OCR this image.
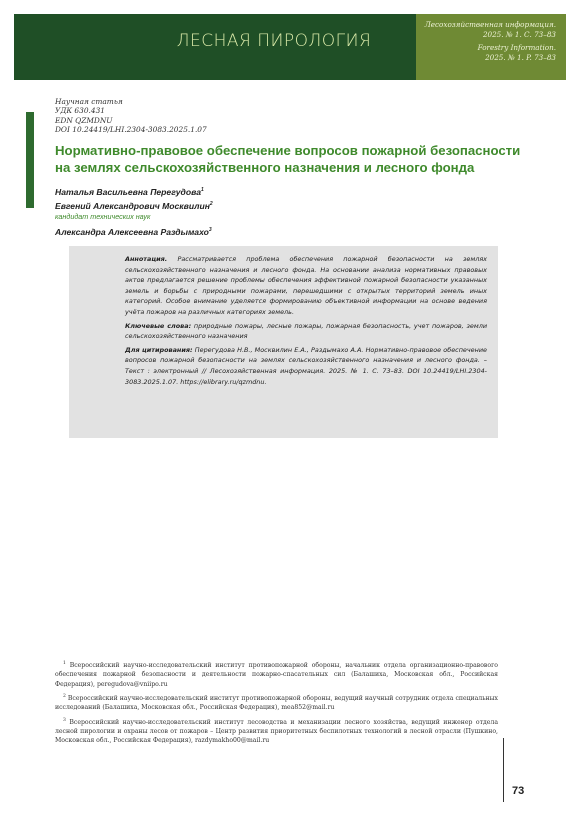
ЛЕСНАЯ ПИРОЛОГИЯ
Лесохозяйственная информация.
2025. № 1. С. 73–83
Forestry Information.
2025. № 1. P. 73–83
Научная статья
УДК 630.431
EDN QZMDNU
DOI 10.24419/LHI.2304-3083.2025.1.07
Нормативно-правовое обеспечение вопросов пожарной безопасности
на землях сельскохозяйственного назначения и лесного фонда
Наталья Васильевна Перегудова$^1$
Евгений Александрович Москвилин$^2$
кандидат технических наук
Александра Алексеевна Раздымахо$^3$

Аннотация. Рассматривается проблема обеспечения пожарной безопасности на землях сельскохозяйственного назначения и лесного фонда. На основании анализа нормативных правовых актов предлагается решение проблемы обеспечения эффективной пожарной безопасности указанных земель и борьбы с природными пожарами, перешедшими с открытых территорий земель иных категорий. Особое внимание уделяется формированию объективной информации на основе ведения учёта пожаров на различных категориях земель.

Ключевые слова: природные пожары, лесные пожары, пожарная безопасность, учет пожаров, земли сельскохозяйственного назначения

Для цитирования: Перегудова Н.В., Москвилин Е.А., Раздымахо А.А. Нормативно-правовое обеспечение вопросов пожарной безопасности на землях сельскохозяйственного назначения и лесного фонда. – Текст : электронный // Лесохозяйственная информация. 2025. № 1. С. 73–83. DOI 10.24419/LHI.2304-3083.2025.1.07. https://elibrary.ru/qzmdnu.

$^1$ Всероссийский научно-исследовательский институт противопожарной обороны, начальник отдела организационно-правового обеспечения пожарной безопасности и деятельности пожарно-спасательных сил (Балашиха, Московская обл., Российская Федерация), peregudova@vniipo.ru

$^2$ Всероссийский научно-исследовательский институт противопожарной обороны, ведущий научный сотрудник отдела специальных исследований (Балашиха, Московская обл., Российская Федерация), mea852@mail.ru

$^3$ Всероссийский научно-исследовательский институт лесоводства и механизации лесного хозяйства, ведущий инженер отдела лесной пирологии и охраны лесов от пожаров – Центр развития приоритетных беспилотных технологий в лесной отрасли (Пушкино, Московская обл., Российская Федерация), razdymakho00@mail.ru

73
